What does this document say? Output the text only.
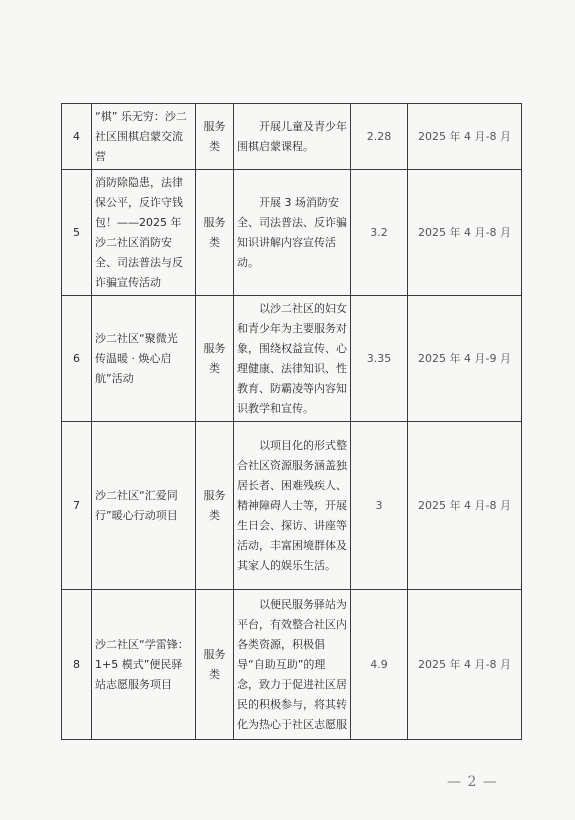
4	“棋” 乐无穷：沙二社区围棋启蒙交流营	服务类	开展儿童及青少年围棋启蒙课程。	2.28	2025 年 4 月-8 月
5	消防除隐患，法律保公平，反诈守钱包！——2025 年沙二社区消防安全、司法普法与反诈骗宣传活动	服务类	开展 3 场消防安全、司法普法、反诈骗知识讲解内容宣传活动。	3.2	2025 年 4 月-8 月
6	沙二社区“聚微光 传温暖 · 焕心启航”活动	服务类	以沙二社区的妇女和青少年为主要服务对象，围绕权益宣传、心理健康、法律知识、性教育、防霸凌等内容知识教学和宣传。	3.35	2025 年 4 月-9 月
7	沙二社区“汇爱同行”暖心行动项目	服务类	以项目化的形式整合社区资源服务涵盖独居长者、困难残疾人、精神障碍人士等，开展生日会、探访、讲座等活动，丰富困境群体及其家人的娱乐生活。	3	2025 年 4 月-8 月
8	沙二社区“学雷锋：1+5 模式”便民驿站志愿服务项目	服务类	以便民服务驿站为平台，有效整合社区内各类资源，积极倡导“自助互助”的理念，致力于促进社区居民的积极参与，将其转化为热心于社区志愿服	4.9	2025 年 4 月-8 月
— 2 —
